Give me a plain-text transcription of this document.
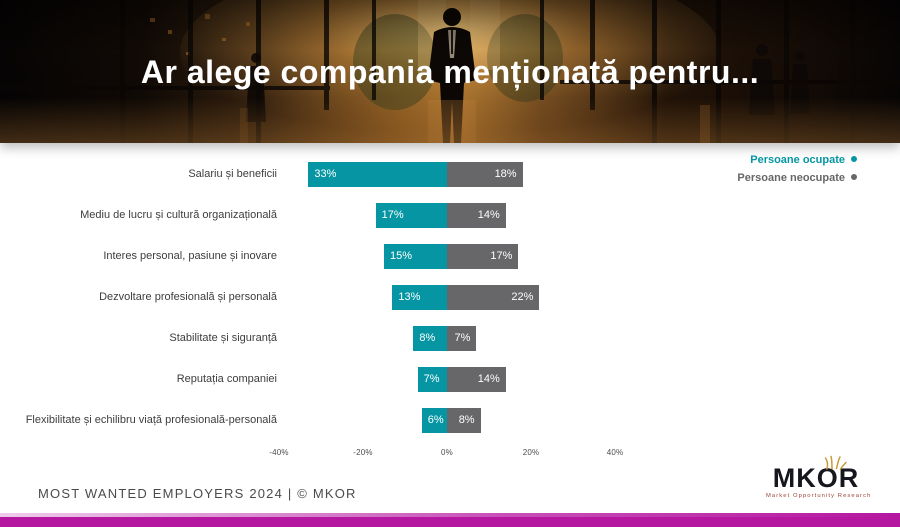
Ar alege compania menționată pentru...
Salariu și beneficii	33%	18%
Mediu de lucru și cultură organizațională	17%	14%
Interes personal, pasiune și inovare	15%	17%
Dezvoltare profesională și personală	13%	22%
Stabilitate și siguranță	8% 7%
Reputația companiei	7%	14%
Flexibilitate și echilibru viață profesională-personală	6% 8%
-40%	-20%	0%	20%	40%
Persoane ocupate
Persoane neocupate
MOST WANTED EMPLOYERS 2024 | © MKOR
MKOR
Market Opportunity Research
